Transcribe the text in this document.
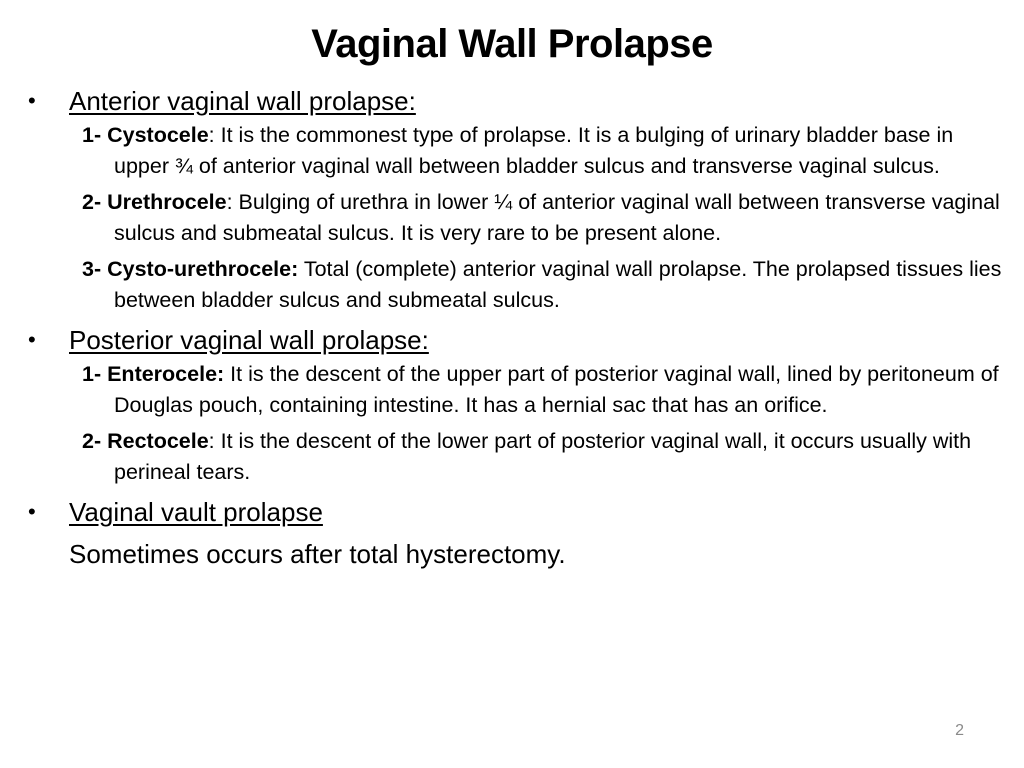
Vaginal Wall Prolapse
• Anterior vaginal wall prolapse:
1- Cystocele: It is the commonest type of prolapse. It is a bulging of urinary bladder base in upper ¾ of anterior vaginal wall between bladder sulcus and transverse vaginal sulcus.
2- Urethrocele: Bulging of urethra in lower ¼ of anterior vaginal wall between transverse vaginal sulcus and submeatal sulcus. It is very rare to be present alone.
3- Cysto-urethrocele: Total (complete) anterior vaginal wall prolapse. The prolapsed tissues lies between bladder sulcus and submeatal sulcus.
• Posterior vaginal wall prolapse:
1- Enterocele: It is the descent of the upper part of posterior vaginal wall, lined by peritoneum of Douglas pouch, containing intestine. It has a hernial sac that has an orifice.
2- Rectocele: It is the descent of the lower part of posterior vaginal wall, it occurs usually with perineal tears.
• Vaginal vault prolapse
Sometimes occurs after total hysterectomy.
2
